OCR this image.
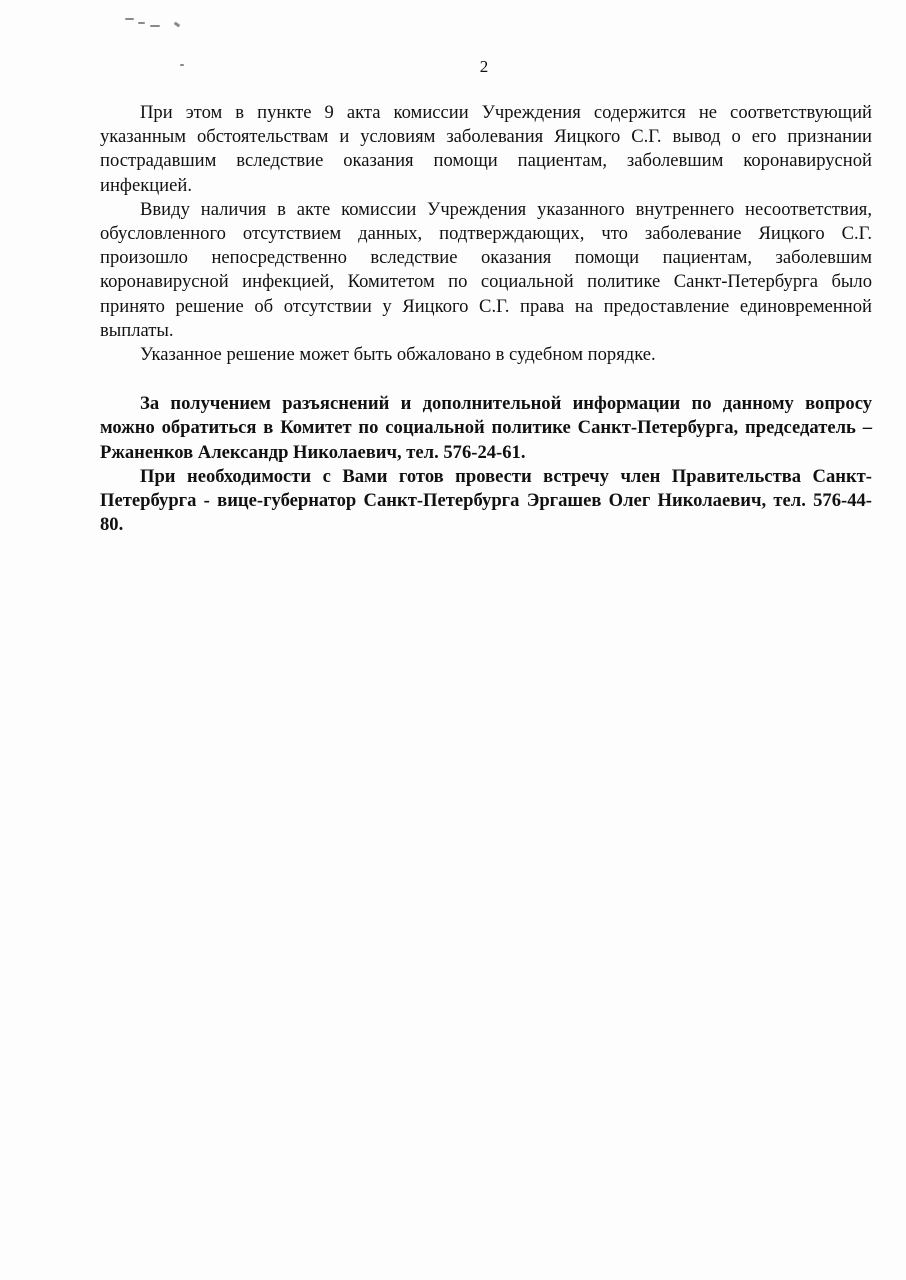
2

При этом в пункте 9 акта комиссии Учреждения содержится не соответствующий указанным обстоятельствам и условиям заболевания Яицкого С.Г. вывод о его признании пострадавшим вследствие оказания помощи пациентам, заболевшим коронавирусной инфекцией.

Ввиду наличия в акте комиссии Учреждения указанного внутреннего несоответствия, обусловленного отсутствием данных, подтверждающих, что заболевание Яицкого С.Г. произошло непосредственно вследствие оказания помощи пациентам, заболевшим коронавирусной инфекцией, Комитетом по социальной политике Санкт-Петербурга было принято решение об отсутствии у Яицкого С.Г. права на предоставление единовременной выплаты.

Указанное решение может быть обжаловано в судебном порядке.

За получением разъяснений и дополнительной информации по данному вопросу можно обратиться в Комитет по социальной политике Санкт-Петербурга, председатель – Ржаненков Александр Николаевич, тел. 576-24-61.

При необходимости с Вами готов провести встречу член Правительства Санкт-Петербурга - вице-губернатор Санкт-Петербурга Эргашев Олег Николаевич, тел. 576-44-80.
